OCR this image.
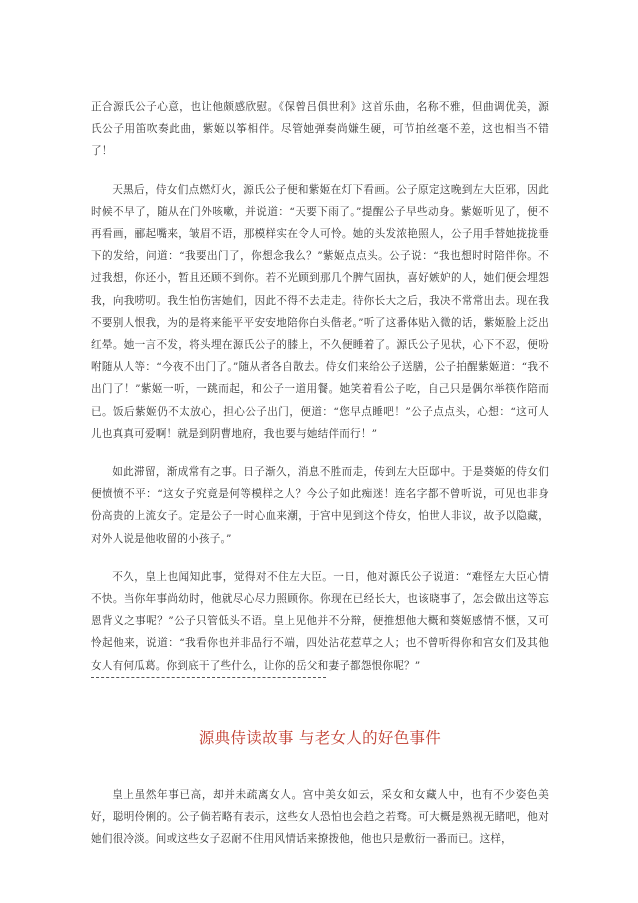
正合源氏公子心意，也让他颇感欣慰。《保曾吕俱世利》这首乐曲，名称不雅，但曲调优美，源氏公子用笛吹奏此曲，紫姬以筝相伴。尽管她弹奏尚嫌生硬，可节拍丝毫不差，这也相当不错了！

天黑后，侍女们点燃灯火，源氏公子便和紫姬在灯下看画。公子原定这晚到左大臣邪，因此时候不早了，随从在门外咳嗽，并说道：“天要下雨了。”提醒公子早些动身。紫姬听见了，便不再看画，郦起嘴来，皱眉不语，那模样实在令人可怜。她的头发浓艳照人，公子用手替她拢拢垂下的发给，问道：“我要出门了，你想念我么？”紫姬点点头。公子说：“我也想时时陪伴你。不过我想，你还小，暂且还顾不到你。若不光顾到那几个脾气固执，喜好嫉妒的人，她们便会埋怨我，向我唠叨。我生怕伤害她们，因此不得不去走走。待你长大之后，我决不常常出去。现在我不要别人恨我，为的是将来能平平安安地陪你白头偕老。”听了这番体贴入微的话，紫姬脸上泛出红晕。她一言不发，将头埋在源氏公子的膝上，不久便睡着了。源氏公子见状，心下不忍，便吩咐随从人等：“今夜不出门了。”随从者各自散去。侍女们来给公子送膳，公子拍醒紫姬道：“我不出门了！”紫姬一听，一跳而起，和公子一道用餐。她笑着看公子吃，自己只是偶尔举筷作陪而已。饭后紫姬仍不太放心，担心公子出门，便道：“您早点睡吧！”公子点点头，心想：“这可人儿也真真可爱啊！就是到阴曹地府，我也要与她结伴而行！”

如此滞留，渐成常有之事。日子渐久，消息不胜而走，传到左大臣邸中。于是葵姬的侍女们便愤愤不平：“这女子究竟是何等模样之人？今公子如此痴迷！连名字都不曾听说，可见也非身份高贵的上流女子。定是公子一时心血来潮，于宫中见到这个侍女，怕世人非议，故予以隐藏，对外人说是他收留的小孩子。”

不久，皇上也闻知此事，觉得对不住左大臣。一日，他对源氏公子说道：“难怪左大臣心情不快。当你年事尚幼时，他就尽心尽力照顾你。你现在已经长大，也该晓事了，怎会做出这等忘恩背义之事呢？”公子只管低头不语。皇上见他并不分辩，便推想他大概和葵姬感情不惬，又可怜起他来，说道：“我看你也并非品行不端，四处沾花惹草之人；也不曾听得你和宫女们及其他女人有何瓜葛。你到底干了些什么，让你的岳父和妻子都怨恨你呢？”

源典侍读故事 与老女人的好色事件

皇上虽然年事已高，却并未疏离女人。宫中美女如云，采女和女藏人中，也有不少姿色美好，聪明伶俐的。公子倘若略有表示，这些女人恐怕也会趋之若骛。可大概是熟视无睹吧，他对她们很冷淡。间或这些女子忍耐不住用风情话来撩拨他，他也只是敷衍一番而已。这样，
